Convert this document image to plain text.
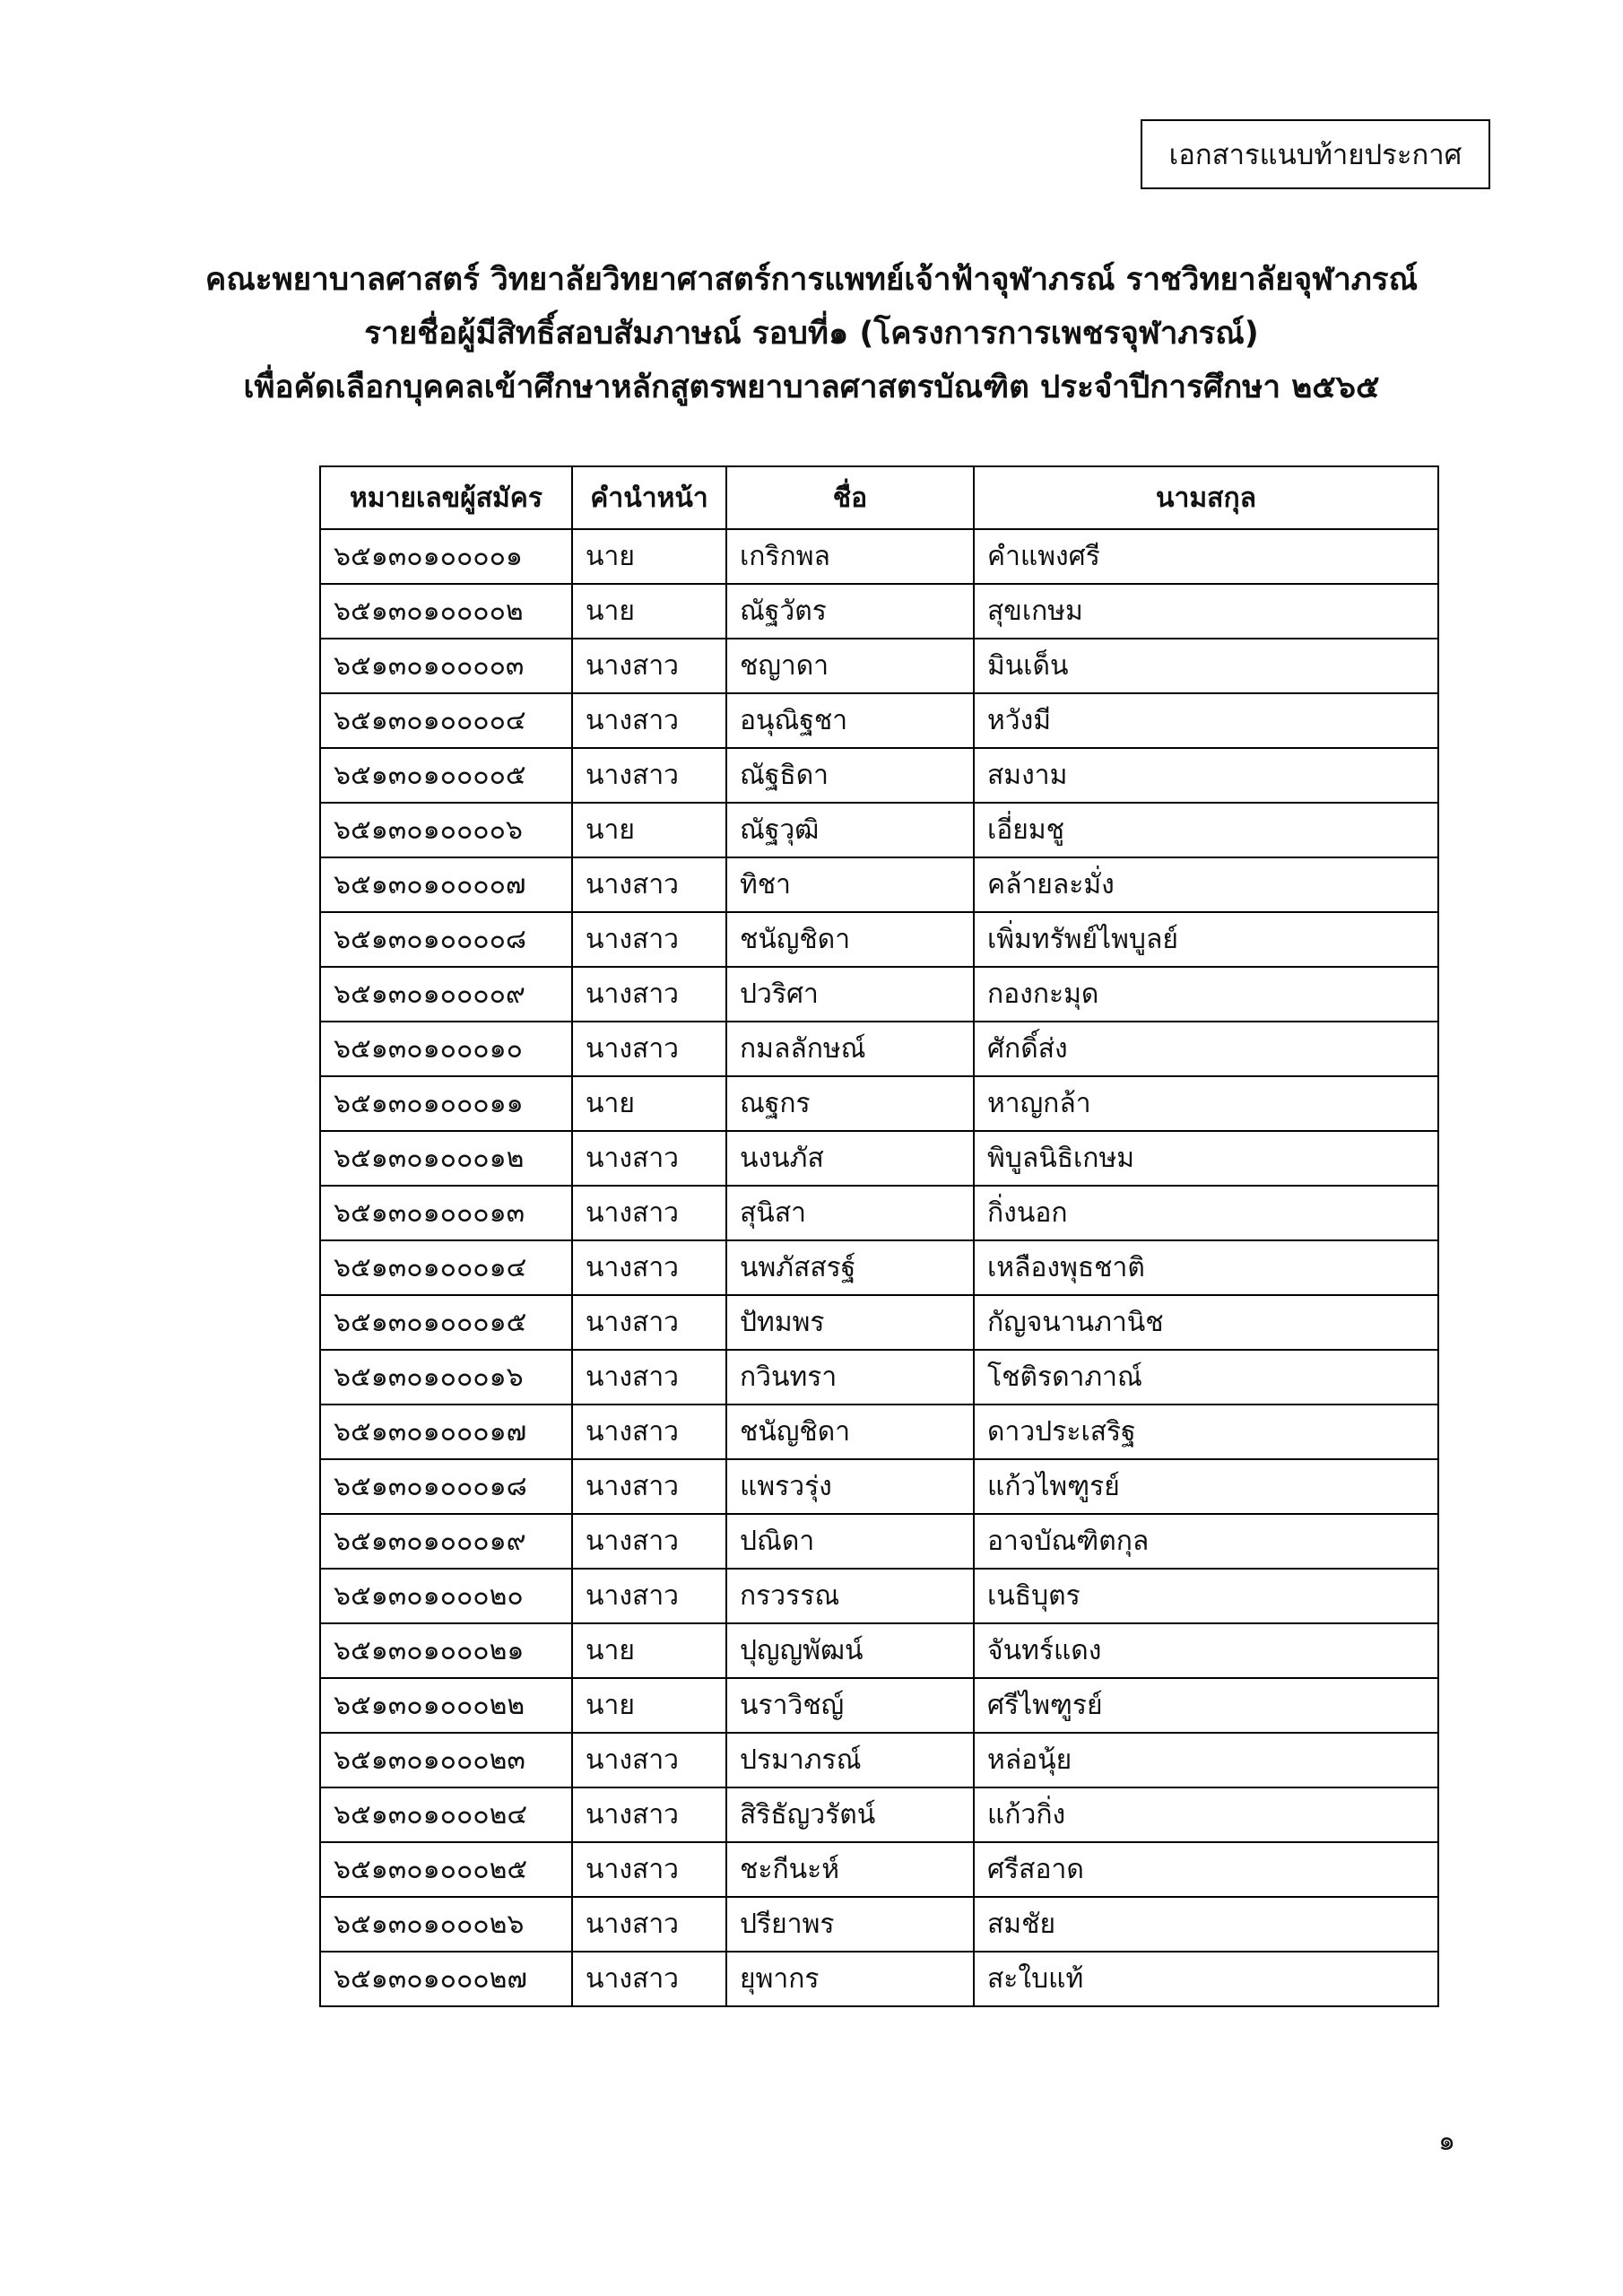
เอกสารแนบท้ายประกาศ
คณะพยาบาลศาสตร์ วิทยาลัยวิทยาศาสตร์การแพทย์เจ้าฟ้าจุฬาภรณ์ ราชวิทยาลัยจุฬาภรณ์
รายชื่อผู้มีสิทธิ์สอบสัมภาษณ์ รอบที่๑ (โครงการการเพชรจุฬาภรณ์)
เพื่อคัดเลือกบุคคลเข้าศึกษาหลักสูตรพยาบาลศาสตรบัณฑิต ประจำปีการศึกษา ๒๕๖๕
หมายเลขผู้สมัคร	คำนำหน้า	ชื่อ	นามสกุล
๖๕๑๓๐๑๐๐๐๐๑	นาย	เกริกพล	คำแพงศรี
๖๕๑๓๐๑๐๐๐๐๒	นาย	ณัฐวัตร	สุขเกษม
๖๕๑๓๐๑๐๐๐๐๓	นางสาว	ชญาดา	มินเด็น
๖๕๑๓๐๑๐๐๐๐๔	นางสาว	อนุณิฐชา	หวังมี
๖๕๑๓๐๑๐๐๐๐๕	นางสาว	ณัฐธิดา	สมงาม
๖๕๑๓๐๑๐๐๐๐๖	นาย	ณัฐวุฒิ	เอี่ยมชู
๖๕๑๓๐๑๐๐๐๐๗	นางสาว	ทิชา	คล้ายละมั่ง
๖๕๑๓๐๑๐๐๐๐๘	นางสาว	ชนัญชิดา	เพิ่มทรัพย์ไพบูลย์
๖๕๑๓๐๑๐๐๐๐๙	นางสาว	ปวริศา	กองกะมุด
๖๕๑๓๐๑๐๐๐๑๐	นางสาว	กมลลักษณ์	ศักดิ์ส่ง
๖๕๑๓๐๑๐๐๐๑๑	นาย	ณฐกร	หาญกล้า
๖๕๑๓๐๑๐๐๐๑๒	นางสาว	นงนภัส	พิบูลนิธิเกษม
๖๕๑๓๐๑๐๐๐๑๓	นางสาว	สุนิสา	กิ่งนอก
๖๕๑๓๐๑๐๐๐๑๔	นางสาว	นพภัสสรฐ์	เหลืองพุธชาติ
๖๕๑๓๐๑๐๐๐๑๕	นางสาว	ปัทมพร	กัญจนานภานิช
๖๕๑๓๐๑๐๐๐๑๖	นางสาว	กวินทรา	โชติรดาภาณ์
๖๕๑๓๐๑๐๐๐๑๗	นางสาว	ชนัญชิดา	ดาวประเสริฐ
๖๕๑๓๐๑๐๐๐๑๘	นางสาว	แพรวรุ่ง	แก้วไพฑูรย์
๖๕๑๓๐๑๐๐๐๑๙	นางสาว	ปณิดา	อาจบัณฑิตกุล
๖๕๑๓๐๑๐๐๐๒๐	นางสาว	กรวรรณ	เนธิบุตร
๖๕๑๓๐๑๐๐๐๒๑	นาย	ปุญญพัฒน์	จันทร์แดง
๖๕๑๓๐๑๐๐๐๒๒	นาย	นราวิชญ์	ศรีไพฑูรย์
๖๕๑๓๐๑๐๐๐๒๓	นางสาว	ปรมาภรณ์	หล่อนุ้ย
๖๕๑๓๐๑๐๐๐๒๔	นางสาว	สิริธัญวรัตน์	แก้วกิ่ง
๖๕๑๓๐๑๐๐๐๒๕	นางสาว	ชะกีนะห์	ศรีสอาด
๖๕๑๓๐๑๐๐๐๒๖	นางสาว	ปรียาพร	สมชัย
๖๕๑๓๐๑๐๐๐๒๗	นางสาว	ยุพากร	สะใบแท้
๑
